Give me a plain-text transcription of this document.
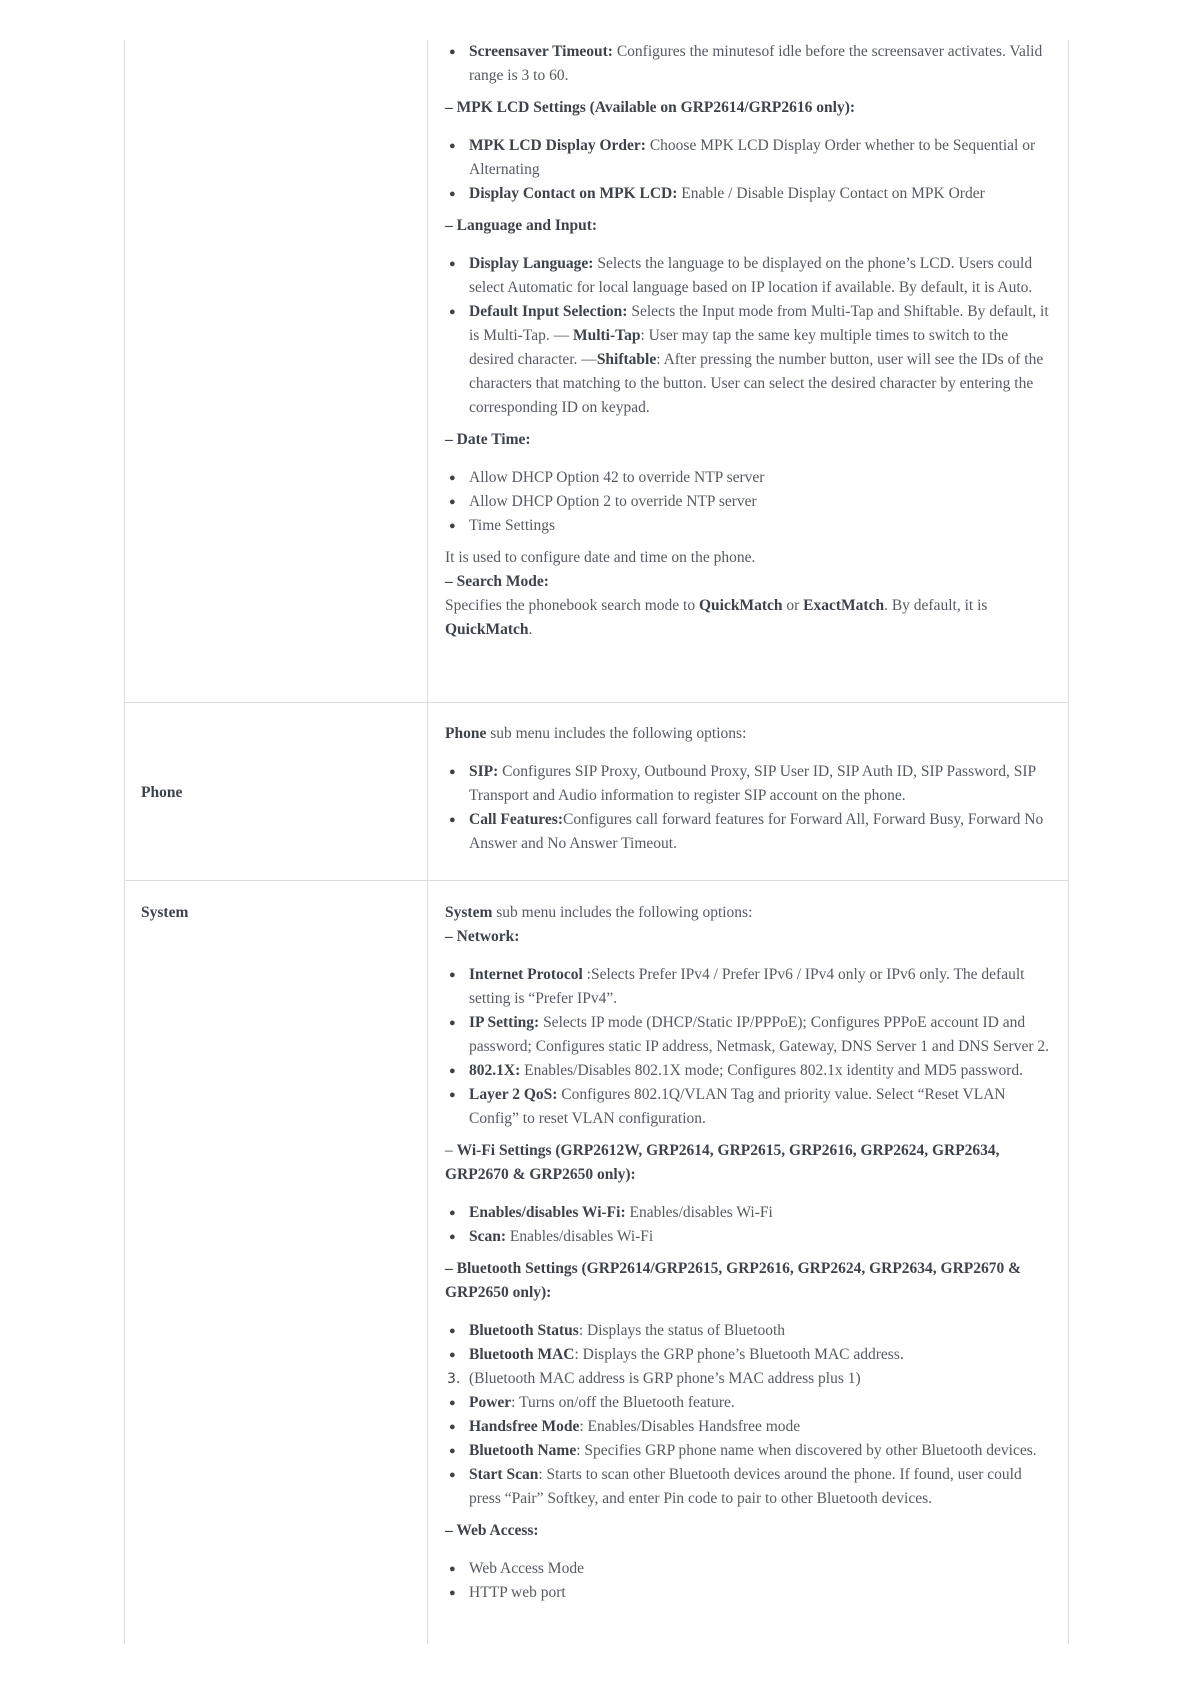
● Screensaver Timeout: Configures the minutesof idle before the screensaver activates. Valid range is 3 to 60.

– MPK LCD Settings (Available on GRP2614/GRP2616 only):

● MPK LCD Display Order: Choose MPK LCD Display Order whether to be Sequential or Alternating
● Display Contact on MPK LCD: Enable / Disable Display Contact on MPK Order

– Language and Input:

● Display Language: Selects the language to be displayed on the phone’s LCD. Users could select Automatic for local language based on IP location if available. By default, it is Auto.
● Default Input Selection: Selects the Input mode from Multi-Tap and Shiftable. By default, it is Multi-Tap. — Multi-Tap: User may tap the same key multiple times to switch to the desired character. —Shiftable: After pressing the number button, user will see the IDs of the characters that matching to the button. User can select the desired character by entering the corresponding ID on keypad.

– Date Time:

● Allow DHCP Option 42 to override NTP server
● Allow DHCP Option 2 to override NTP server
● Time Settings

It is used to configure date and time on the phone.

– Search Mode:

Specifies the phonebook search mode to QuickMatch or ExactMatch. By default, it is QuickMatch.

Phone

Phone sub menu includes the following options:

● SIP: Configures SIP Proxy, Outbound Proxy, SIP User ID, SIP Auth ID, SIP Password, SIP Transport and Audio information to register SIP account on the phone.
● Call Features:Configures call forward features for Forward All, Forward Busy, Forward No Answer and No Answer Timeout.
System	System sub menu includes the following options:

– Network:

● Internet Protocol :Selects Prefer IPv4 / Prefer IPv6 / IPv4 only or IPv6 only. The default setting is “Prefer IPv4”.
● IP Setting: Selects IP mode (DHCP/Static IP/PPPoE); Configures PPPoE account ID and password; Configures static IP address, Netmask, Gateway, DNS Server 1 and DNS Server 2.
● 802.1X: Enables/Disables 802.1X mode; Configures 802.1x identity and MD5 password.
● Layer 2 QoS: Configures 802.1Q/VLAN Tag and priority value. Select “Reset VLAN Config” to reset VLAN configuration.

– Wi-Fi Settings (GRP2612W, GRP2614, GRP2615, GRP2616, GRP2624, GRP2634, GRP2670 & GRP2650 only):

● Enables/disables Wi-Fi: Enables/disables Wi-Fi
● Scan: Enables/disables Wi-Fi

– Bluetooth Settings (GRP2614/GRP2615, GRP2616, GRP2624, GRP2634, GRP2670 & GRP2650 only):

● Bluetooth Status: Displays the status of Bluetooth
● Bluetooth MAC: Displays the GRP phone’s Bluetooth MAC address.
3. (Bluetooth MAC address is GRP phone’s MAC address plus 1)
● Power: Turns on/off the Bluetooth feature.
● Handsfree Mode: Enables/Disables Handsfree mode
● Bluetooth Name: Specifies GRP phone name when discovered by other Bluetooth devices.
● Start Scan: Starts to scan other Bluetooth devices around the phone. If found, user could press “Pair” Softkey, and enter Pin code to pair to other Bluetooth devices.

– Web Access:

● Web Access Mode
● HTTP web port
